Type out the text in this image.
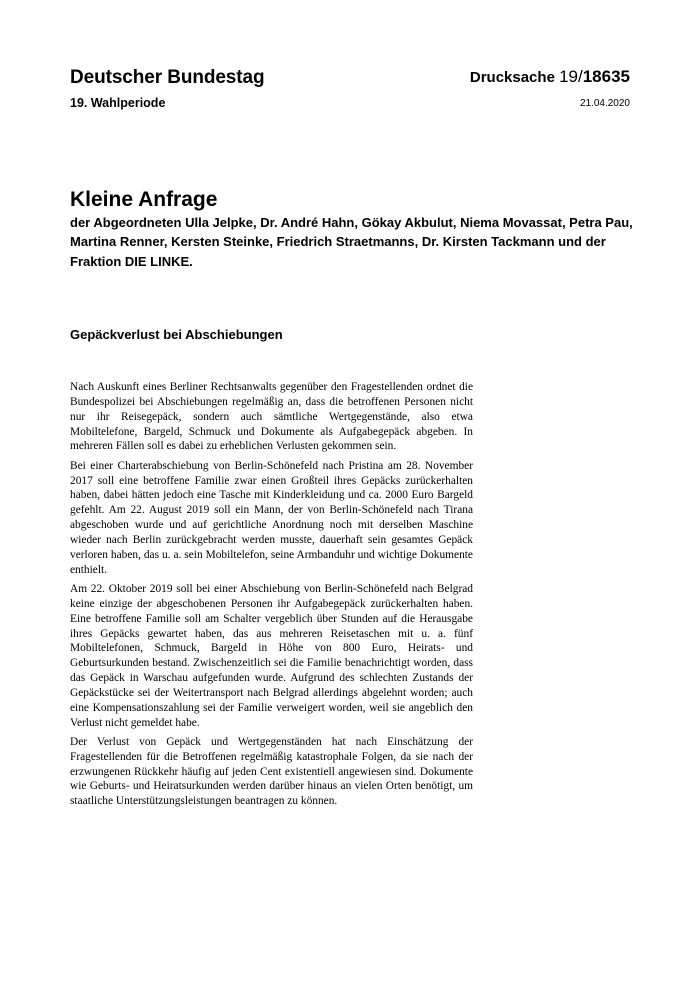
Deutscher Bundestag
19. Wahlperiode
Drucksache 19/18635
21.04.2020
Kleine Anfrage
der Abgeordneten Ulla Jelpke, Dr. André Hahn, Gökay Akbulut, Niema Movassat, Petra Pau, Martina Renner, Kersten Steinke, Friedrich Straetmanns, Dr. Kirsten Tackmann und der Fraktion DIE LINKE.
Gepäckverlust bei Abschiebungen

Nach Auskunft eines Berliner Rechtsanwalts gegenüber den Fragestellenden ordnet die Bundespolizei bei Abschiebungen regelmäßig an, dass die betroffenen Personen nicht nur ihr Reisegepäck, sondern auch sämtliche Wertgegenstände, also etwa Mobiltelefone, Bargeld, Schmuck und Dokumente als Aufgabegepäck abgeben. In mehreren Fällen soll es dabei zu erheblichen Verlusten gekommen sein.

Bei einer Charterabschiebung von Berlin-Schönefeld nach Pristina am 28. November 2017 soll eine betroffene Familie zwar einen Großteil ihres Gepäcks zurückerhalten haben, dabei hätten jedoch eine Tasche mit Kinderkleidung und ca. 2000 Euro Bargeld gefehlt. Am 22. August 2019 soll ein Mann, der von Berlin-Schönefeld nach Tirana abgeschoben wurde und auf gerichtliche Anordnung noch mit derselben Maschine wieder nach Berlin zurückgebracht werden musste, dauerhaft sein gesamtes Gepäck verloren haben, das u. a. sein Mobiltelefon, seine Armbanduhr und wichtige Dokumente enthielt.

Am 22. Oktober 2019 soll bei einer Abschiebung von Berlin-Schönefeld nach Belgrad keine einzige der abgeschobenen Personen ihr Aufgabegepäck zurückerhalten haben. Eine betroffene Familie soll am Schalter vergeblich über Stunden auf die Herausgabe ihres Gepäcks gewartet haben, das aus mehreren Reisetaschen mit u. a. fünf Mobiltelefonen, Schmuck, Bargeld in Höhe von 800 Euro, Heirats- und Geburtsurkunden bestand. Zwischenzeitlich sei die Familie benachrichtigt worden, dass das Gepäck in Warschau aufgefunden wurde. Aufgrund des schlechten Zustands der Gepäckstücke sei der Weitertransport nach Belgrad allerdings abgelehnt worden; auch eine Kompensationszahlung sei der Familie verweigert worden, weil sie angeblich den Verlust nicht gemeldet habe.

Der Verlust von Gepäck und Wertgegenständen hat nach Einschätzung der Fragestellenden für die Betroffenen regelmäßig katastrophale Folgen, da sie nach der erzwungenen Rückkehr häufig auf jeden Cent existentiell angewiesen sind. Dokumente wie Geburts- und Heiratsurkunden werden darüber hinaus an vielen Orten benötigt, um staatliche Unterstützungsleistungen beantragen zu können.
